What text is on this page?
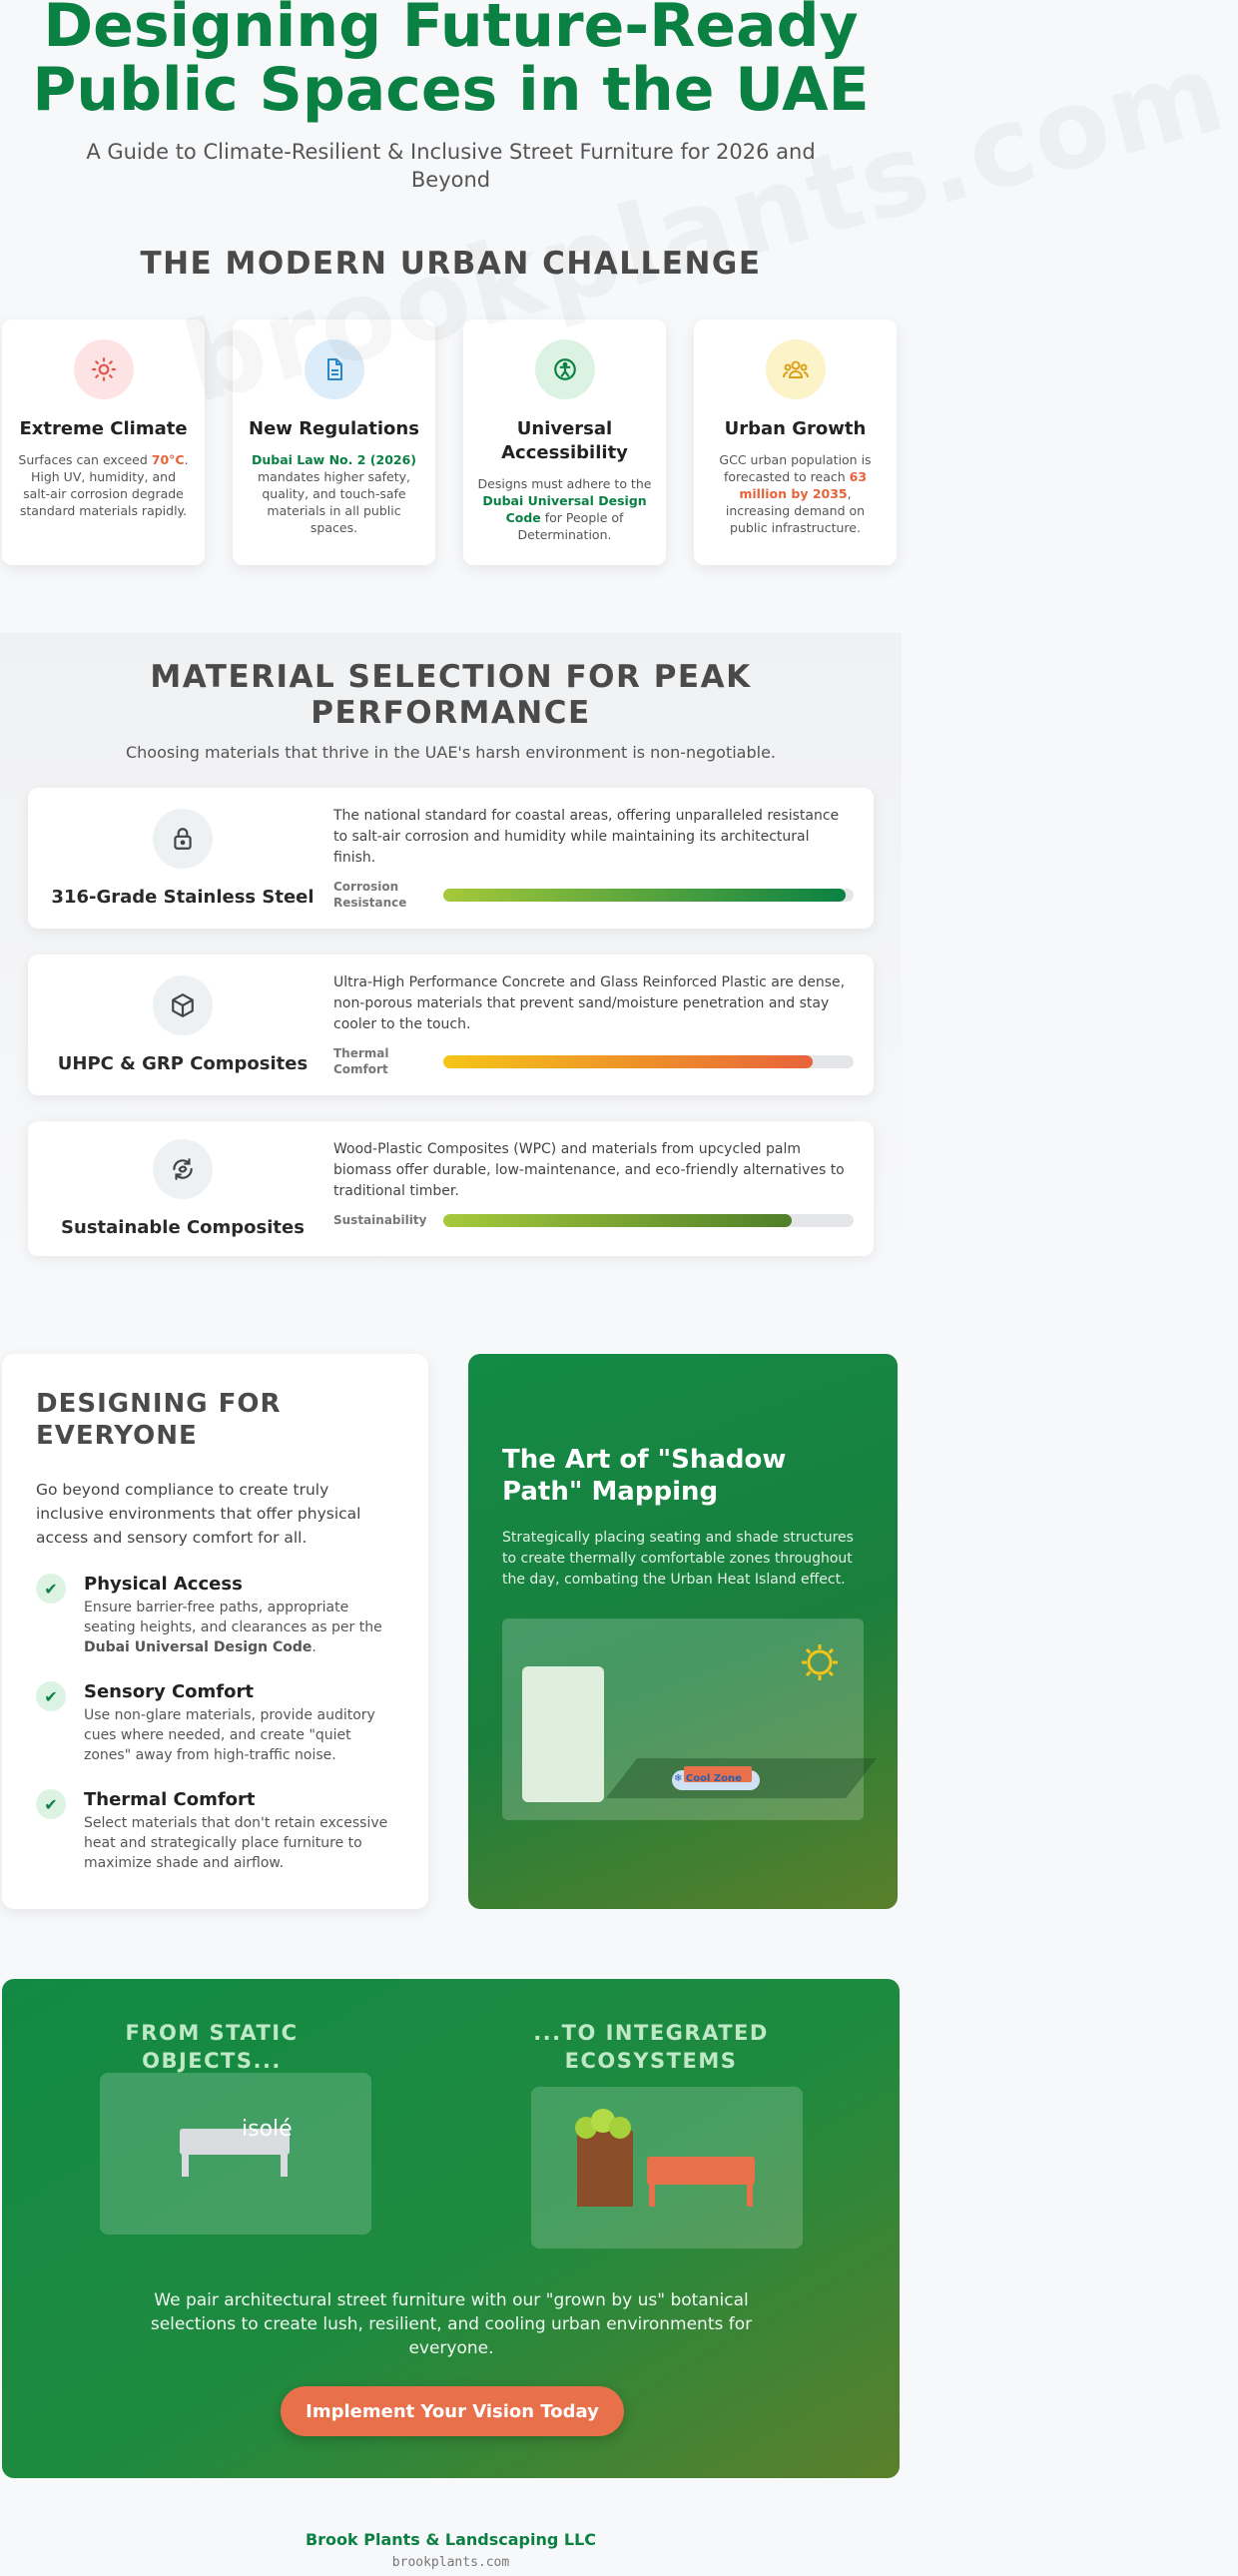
Designing Future-Ready
Public Spaces in the UAE
A Guide to Climate-Resilient & Inclusive Street Furniture for 2026 and Beyond
THE MODERN URBAN CHALLENGE
Extreme Climate

Surfaces can exceed 70°C. High UV, humidity, and salt-air corrosion degrade standard materials rapidly.

New Regulations

Dubai Law No. 2 (2026) mandates higher safety, quality, and touch-safe materials in all public spaces.

Universal Accessibility

Designs must adhere to the Dubai Universal Design Code for People of Determination.

Urban Growth

GCC urban population is forecasted to reach 63 million by 2035, increasing demand on public infrastructure.

MATERIAL SELECTION FOR PEAK
PERFORMANCE
Choosing materials that thrive in the UAE's harsh environment is non-negotiable.
316-Grade Stainless Steel

The national standard for coastal areas, offering unparalleled resistance to salt-air corrosion and humidity while maintaining its architectural finish.

Corrosion
Resistance
UHPC & GRP Composites

Ultra-High Performance Concrete and Glass Reinforced Plastic are dense, non-porous materials that prevent sand/moisture penetration and stay cooler to the touch.

Thermal
Comfort
Sustainable Composites

Wood-Plastic Composites (WPC) and materials from upcycled palm biomass offer durable, low-maintenance, and eco-friendly alternatives to traditional timber.

Sustainability
DESIGNING FOR
EVERYONE
Go beyond compliance to create truly inclusive environments that offer physical access and sensory comfort for all.
✔	Physical Access

Ensure barrier-free paths, appropriate seating heights, and clearances as per the Dubai Universal Design Code.

✔	Sensory Comfort

Use non-glare materials, provide auditory cues where needed, and create "quiet zones" away from high-traffic noise.

✔	Thermal Comfort

Select materials that don't retain excessive heat and strategically place furniture to maximize shade and airflow.

The Art of "Shadow
Path" Mapping

Strategically placing seating and shade structures to create thermally comfortable zones throughout the day, combating the Urban Heat Island effect.

❄ Cool Zone
FROM STATIC OBJECTS...
isolé
...TO INTEGRATED
ECOSYSTEMS
We pair architectural street furniture with our "grown by us" botanical selections to create lush, resilient, and cooling urban environments for everyone.
Implement Your Vision Today
Brook Plants & Landscaping LLC
brookplants.com
